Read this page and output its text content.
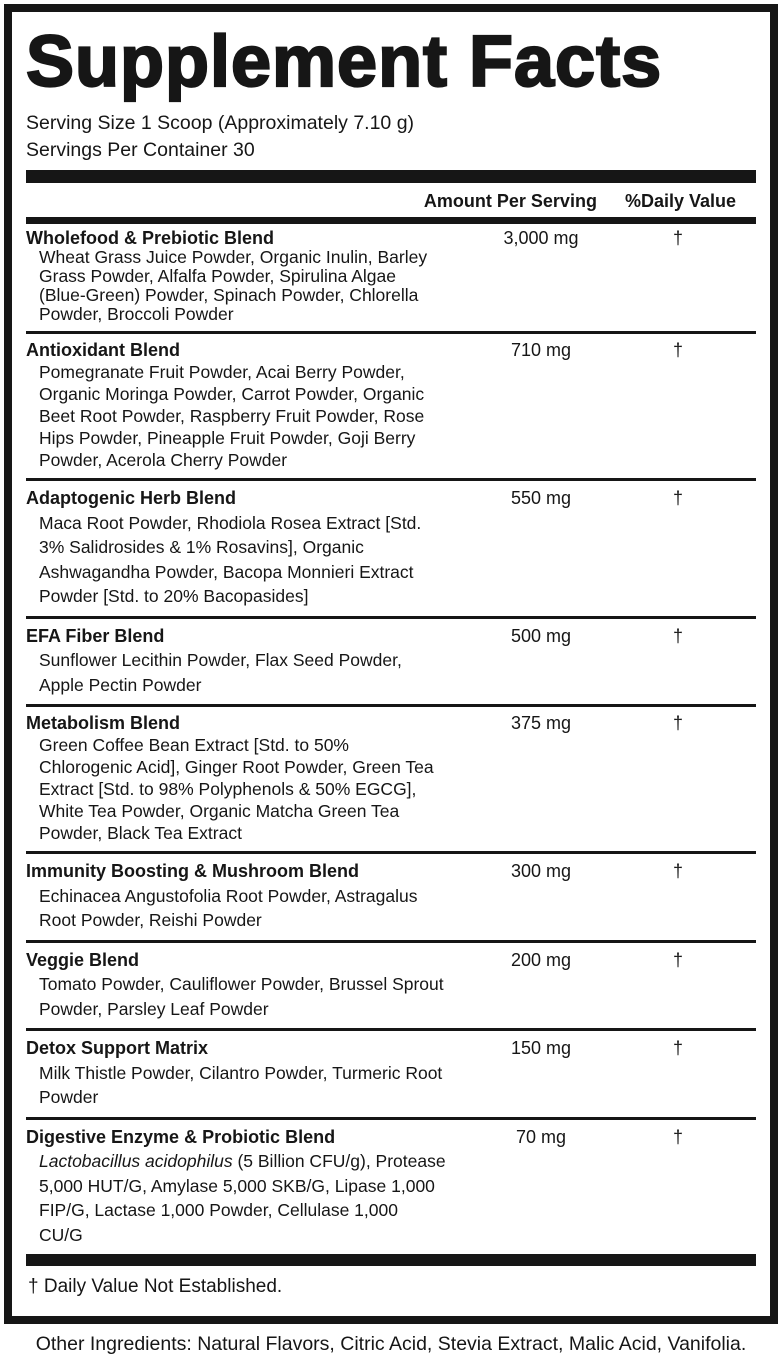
Supplement Facts
Serving Size 1 Scoop (Approximately 7.10 g)
Servings Per Container 30
Amount Per Serving %Daily Value
Wholefood & Prebiotic Blend
Wheat Grass Juice Powder, Organic Inulin, Barley Grass Powder, Alfalfa Powder, Spirulina Algae (Blue-Green) Powder, Spinach Powder, Chlorella Powder, Broccoli Powder
3,000 mg	†
Antioxidant Blend
Pomegranate Fruit Powder, Acai Berry Powder, Organic Moringa Powder, Carrot Powder, Organic Beet Root Powder, Raspberry Fruit Powder, Rose Hips Powder, Pineapple Fruit Powder, Goji Berry Powder, Acerola Cherry Powder
710 mg	†
Adaptogenic Herb Blend
Maca Root Powder, Rhodiola Rosea Extract [Std. 3% Salidrosides & 1% Rosavins], Organic Ashwagandha Powder, Bacopa Monnieri Extract Powder [Std. to 20% Bacopasides]
550 mg	†
EFA Fiber Blend
Sunflower Lecithin Powder, Flax Seed Powder, Apple Pectin Powder
500 mg	†
Metabolism Blend
Green Coffee Bean Extract [Std. to 50% Chlorogenic Acid], Ginger Root Powder, Green Tea Extract [Std. to 98% Polyphenols & 50% EGCG], White Tea Powder, Organic Matcha Green Tea Powder, Black Tea Extract
375 mg	†
Immunity Boosting & Mushroom Blend
Echinacea Angustofolia Root Powder, Astragalus Root Powder, Reishi Powder
300 mg	†
Veggie Blend
Tomato Powder, Cauliflower Powder, Brussel Sprout Powder, Parsley Leaf Powder
200 mg	†
Detox Support Matrix
Milk Thistle Powder, Cilantro Powder, Turmeric Root Powder
150 mg	†
Digestive Enzyme & Probiotic Blend
Lactobacillus acidophilus (5 Billion CFU/g), Protease 5,000 HUT/G, Amylase 5,000 SKB/G, Lipase 1,000 FIP/G, Lactase 1,000 Powder, Cellulase 1,000 CU/G
70 mg	†
† Daily Value Not Established.
Other Ingredients: Natural Flavors, Citric Acid, Stevia Extract, Malic Acid, Vanifolia.
